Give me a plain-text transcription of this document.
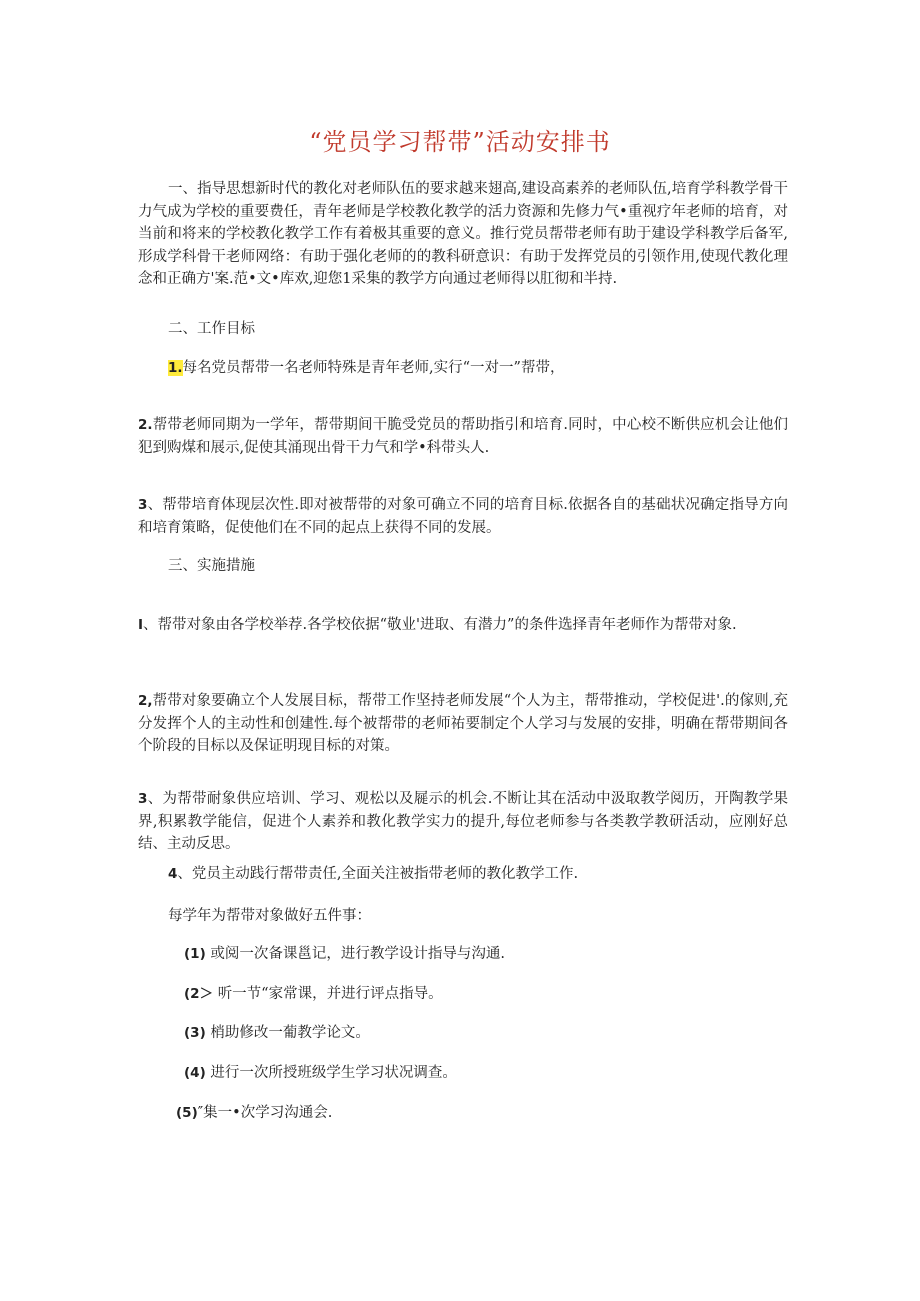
“党员学习帮带”活动安排书

一、指导思想新时代的教化对老师队伍的要求越来翅高,建设高素养的老师队伍,培育学科教学骨干力气成为学校的重要费任，青年老师是学校教化教学的活力资源和先修力气•重视疗年老师的培育，对当前和将来的学校教化教学工作有着极其重要的意义。推行党员帮带老师有助于建设学科教学后备军,形成学科骨干老师网络：有助于强化老师的的教科研意识：有助于发挥党员的引领作用,使现代教化理念和正确方'案.范•文•库欢,迎您1采集的教学方向通过老师得以肛彻和半持.

二、工作目标

1.每名党员帮带一名老师特殊是青年老师,实行“一对一”帮带，

2.帮带老师同期为一学年，帮带期间干脆受党员的帮助指引和培育.同时，中心校不断供应机会让他们犯到购煤和展示,促使其涌现出骨干力气和学•科带头人.

3、帮带培育体现层次性.即对被帮带的对象可确立不同的培育目标.依据各自的基础状况确定指导方向和培育策略，促使他们在不同的起点上获得不同的发展。

三、实施措施

I、帮带对象由各学校举荐.各学校依据“敬业'进取、有潜力”的条件选择青年老师作为帮带对象.

2,帮带对象要确立个人发展目标，帮带工作坚持老师发展“个人为主，帮带推动，学校促进'.的傢则,充分发挥个人的主动性和创建性.每个被帮带的老师祐要制定个人学习与发展的安排，明确在帮带期间各个阶段的目标以及保证明现目标的对策。

3、为帮带耐象供应培训、学习、观松以及屣示的机会.不断让其在活动中汲取教学阅历，开陶教学果界,积累教学能信，促进个人素养和教化教学实力的提升,每位老师参与各类教学教研活动，应刚好总结、主动反思。

4、党员主动践行帮带责任,全面关注被指带老师的教化教学工作.

每学年为帮带对象做好五件事：

(1) 或阅一次备课邕记，进行教学设计指导与沟通.

(2＞ 听一节“家常课，并进行评点指导。

(3) 梢助修改一葡教学论文。

(4) 进行一次所授班级学生学习状况调查。

(5)″集一•次学习沟通会.
